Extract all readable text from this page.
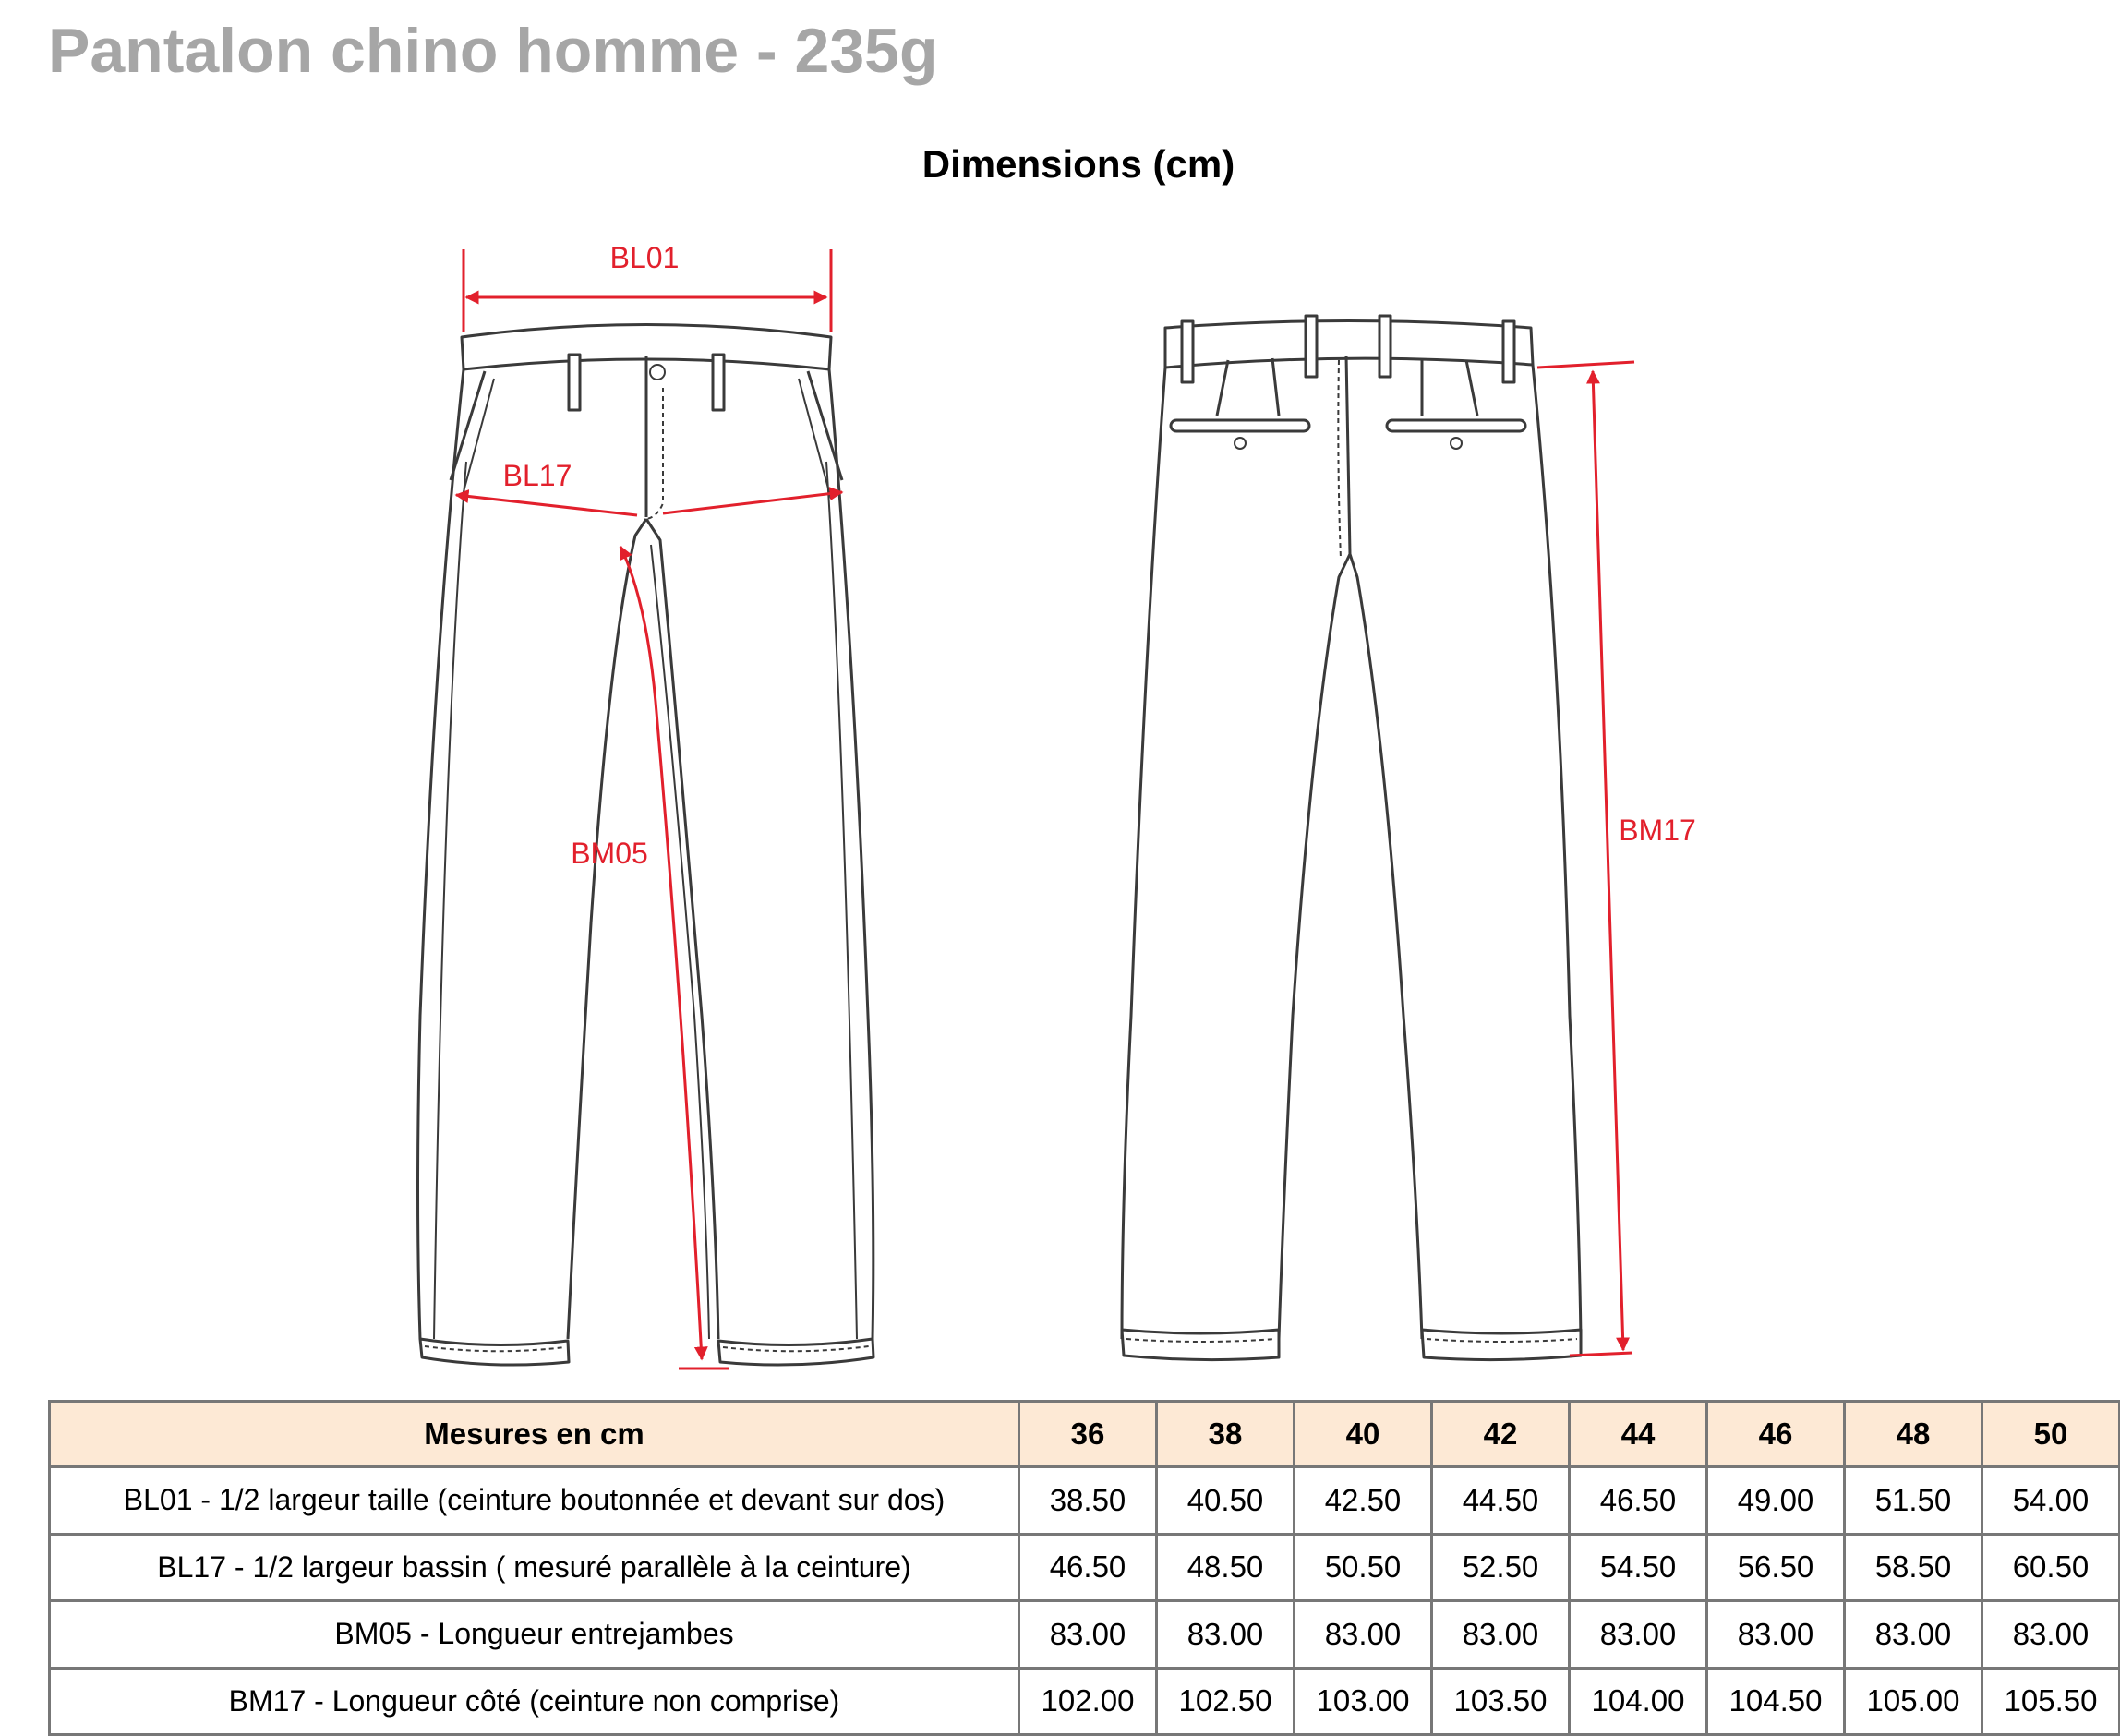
Pantalon chino homme - 235g
Dimensions (cm)
BL01
BL17
BM05
BM17
Mesures en cm	36	38	40	42	44	46	48	50
BL01 - 1/2 largeur taille (ceinture boutonnée et devant sur dos)	38.50	40.50	42.50	44.50	46.50	49.00	51.50	54.00
BL17 - 1/2 largeur bassin ( mesuré parallèle à la ceinture)	46.50	48.50	50.50	52.50	54.50	56.50	58.50	60.50
BM05 - Longueur entrejambes	83.00	83.00	83.00	83.00	83.00	83.00	83.00	83.00
BM17 - Longueur côté (ceinture non comprise)	102.00	102.50	103.00	103.50	104.00	104.50	105.00	105.50
